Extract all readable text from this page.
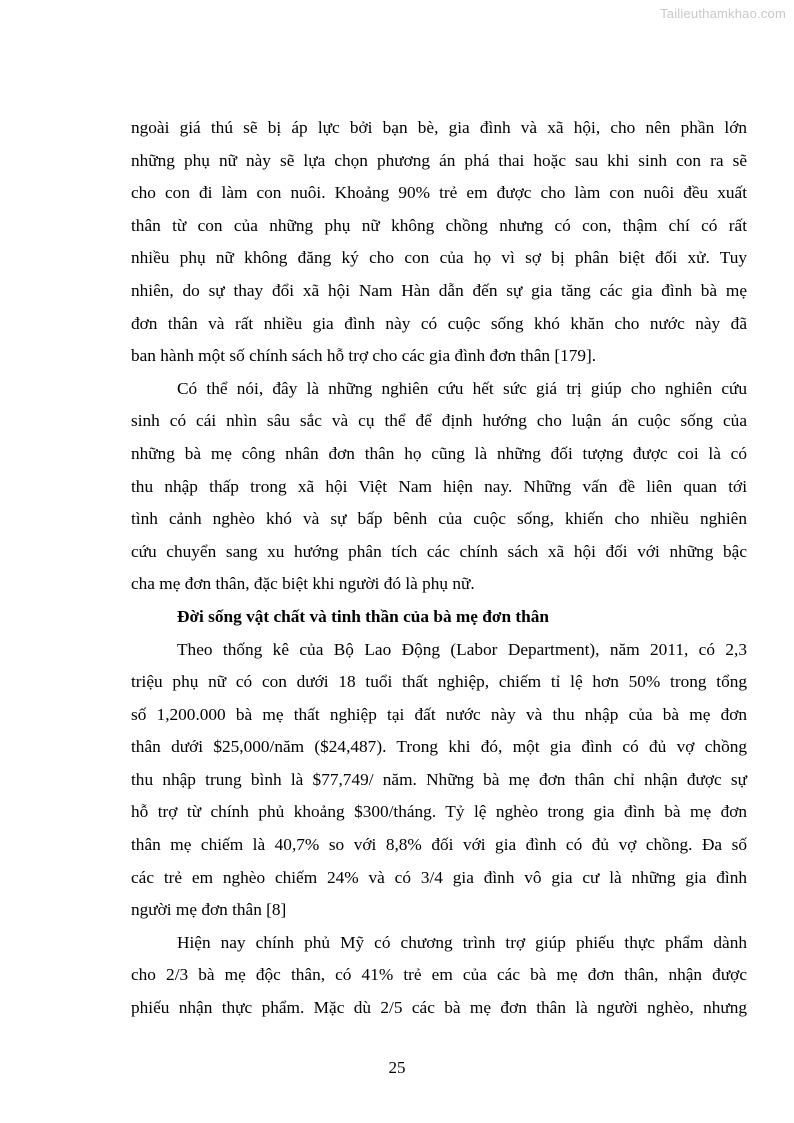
Tailieuthamkhao.com

ngoài giá thú sẽ bị áp lực bởi bạn bè, gia đình và xã hội, cho nên phần lớn
những phụ nữ này sẽ lựa chọn phương án phá thai hoặc sau khi sinh con ra sẽ
cho con đi làm con nuôi. Khoảng 90% trẻ em được cho làm con nuôi đều xuất
thân từ con của những phụ nữ không chồng nhưng có con, thậm chí có rất
nhiều phụ nữ không đăng ký cho con của họ vì sợ bị phân biệt đối xử. Tuy
nhiên, do sự thay đổi xã hội Nam Hàn dẫn đến sự gia tăng các gia đình bà mẹ
đơn thân và rất nhiều gia đình này có cuộc sống khó khăn cho nước này đã
ban hành một số chính sách hỗ trợ cho các gia đình đơn thân [179].

Có thể nói, đây là những nghiên cứu hết sức giá trị giúp cho nghiên cứu
sinh có cái nhìn sâu sắc và cụ thể để định hướng cho luận án cuộc sống của
những bà mẹ công nhân đơn thân họ cũng là những đối tượng được coi là có
thu nhập thấp trong xã hội Việt Nam hiện nay. Những vấn đề liên quan tới
tình cảnh nghèo khó và sự bấp bênh của cuộc sống, khiến cho nhiều nghiên
cứu chuyển sang xu hướng phân tích các chính sách xã hội đối với những bậc
cha mẹ đơn thân, đặc biệt khi người đó là phụ nữ.

Đời sống vật chất và tinh thần của bà mẹ đơn thân

Theo thống kê của Bộ Lao Động (Labor Department), năm 2011, có 2,3
triệu phụ nữ có con dưới 18 tuổi thất nghiệp, chiếm tỉ lệ hơn 50% trong tổng
số 1,200.000 bà mẹ thất nghiệp tại đất nước này và thu nhập của bà mẹ đơn
thân dưới $25,000/năm ($24,487). Trong khi đó, một gia đình có đủ vợ chồng
thu nhập trung bình là $77,749/ năm. Những bà mẹ đơn thân chỉ nhận được sự
hỗ trợ từ chính phủ khoảng $300/tháng. Tỷ lệ nghèo trong gia đình bà mẹ đơn
thân mẹ chiếm là 40,7% so với 8,8% đối với gia đình có đủ vợ chồng. Đa số
các trẻ em nghèo chiếm 24% và có 3/4 gia đình vô gia cư là những gia đình
người mẹ đơn thân [8]

Hiện nay chính phủ Mỹ có chương trình trợ giúp phiếu thực phẩm dành
cho 2/3 bà mẹ độc thân, có 41% trẻ em của các bà mẹ đơn thân, nhận được
phiếu nhận thực phẩm. Mặc dù 2/5 các bà mẹ đơn thân là người nghèo, nhưng

25
